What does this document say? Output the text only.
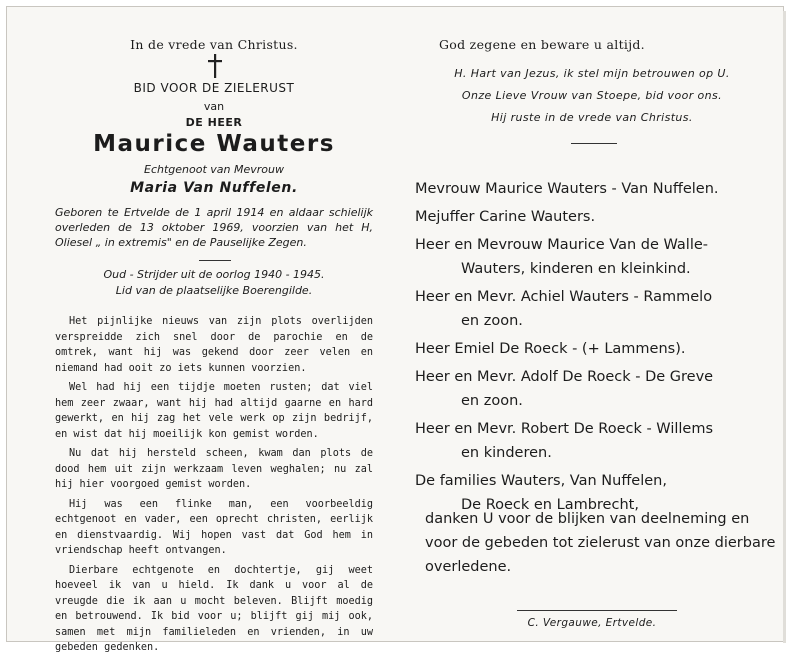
In de vrede van Christus.
BID VOOR DE ZIELERUST
van
DE HEER
Maurice Wauters
Echtgenoot van Mevrouw
Maria Van Nuffelen.
Geboren te Ertvelde de 1 april 1914 en aldaar schielijk overleden de 13 oktober 1969, voorzien van het H, Oliesel „ in extremis" en de Pauselijke Zegen.
Oud - Strijder uit de oorlog 1940 - 1945.
Lid van de plaatselijke Boerengilde.

Het pijnlijke nieuws van zijn plots overlijden verspreidde zich snel door de parochie en de omtrek, want hij was gekend door zeer velen en niemand had ooit zo iets kunnen voorzien.

Wel had hij een tijdje moeten rusten; dat viel hem zeer zwaar, want hij had altijd gaarne en hard gewerkt, en hij zag het vele werk op zijn bedrijf, en wist dat hij moeilijk kon gemist worden.

Nu dat hij hersteld scheen, kwam dan plots de dood hem uit zijn werkzaam leven weghalen; nu zal hij hier voorgoed gemist worden.

Hij was een flinke man, een voorbeeldig echtgenoot en vader, een oprecht christen, eerlijk en dienstvaardig. Wij hopen vast dat God hem in vriendschap heeft ontvangen.

Dierbare echtgenote en dochtertje, gij weet hoeveel ik van u hield. Ik dank u voor al de vreugde die ik aan u mocht beleven. Blijft moedig en betrouwend. Ik bid voor u; blijft gij mij ook, samen met mijn familieleden en vrienden, in uw gebeden gedenken.

God zegene en beware u altijd.
H. Hart van Jezus, ik stel mijn betrouwen op U.
Onze Lieve Vrouw van Stoepe, bid voor ons.
Hij ruste in de vrede van Christus.
Mevrouw Maurice Wauters - Van Nuffelen.
Mejuffer Carine Wauters.
Heer en Mevrouw Maurice Van de Walle-
Wauters, kinderen en kleinkind.
Heer en Mevr. Achiel Wauters - Rammelo
en zoon.
Heer Emiel De Roeck - (+ Lammens).
Heer en Mevr. Adolf De Roeck - De Greve
en zoon.
Heer en Mevr. Robert De Roeck - Willems
en kinderen.
De families Wauters, Van Nuffelen,
De Roeck en Lambrecht,
danken U voor de blijken van deelneming en voor de gebeden tot zielerust van onze dierbare overledene.
C. Vergauwe, Ertvelde.
